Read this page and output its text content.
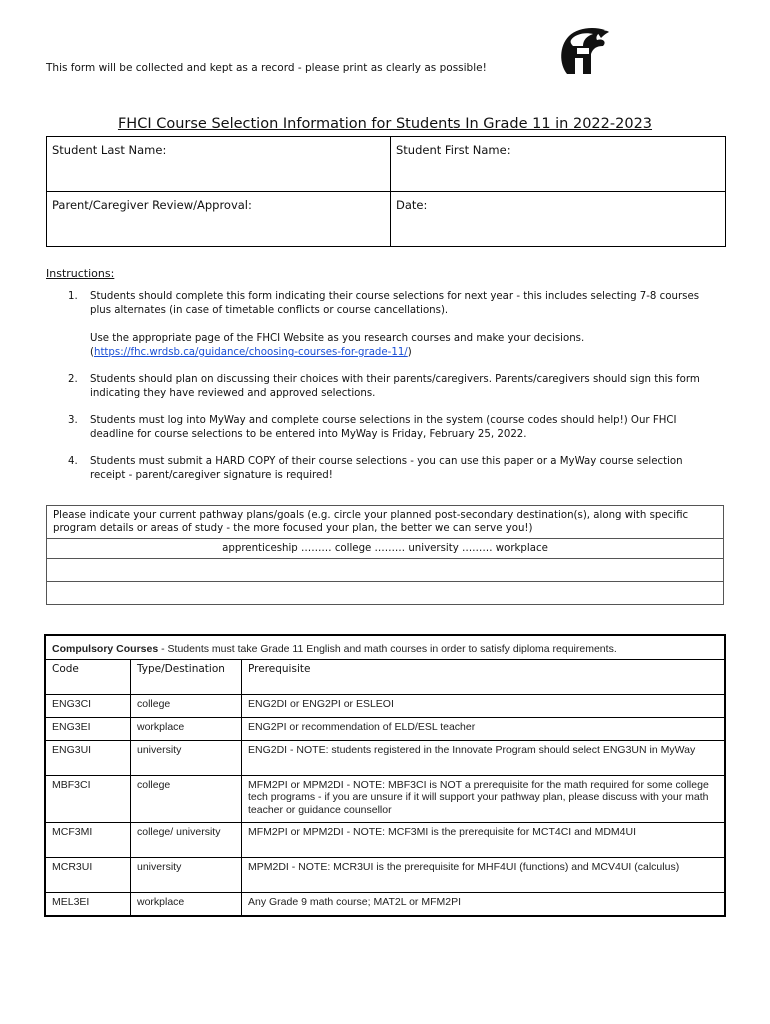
This form will be collected and kept as a record - please print as clearly as possible!
FHCI Course Selection Information for Students In Grade 11 in 2022-2023
Student Last Name:	Student First Name:
Parent/Caregiver Review/Approval:	Date:
Instructions:
1. Students should complete this form indicating their course selections for next year - this includes selecting 7-8 courses plus alternates (in case of timetable conflicts or course cancellations).
Use the appropriate page of the FHCI Website as you research courses and make your decisions.
(https://fhc.wrdsb.ca/guidance/choosing-courses-for-grade-11/)
2. Students should plan on discussing their choices with their parents/caregivers. Parents/caregivers should sign this form indicating they have reviewed and approved selections.
3. Students must log into MyWay and complete course selections in the system (course codes should help!) Our FHCI deadline for course selections to be entered into MyWay is Friday, February 25, 2022.
4. Students must submit a HARD COPY of their course selections - you can use this paper or a MyWay course selection receipt - parent/caregiver signature is required!
Please indicate your current pathway plans/goals (e.g. circle your planned post-secondary destination(s), along with specific program details or areas of study - the more focused your plan, the better we can serve you!)
apprenticeship ……… college ……… university ……… workplace

Compulsory Courses - Students must take Grade 11 English and math courses in order to satisfy diploma requirements.		
Code	Type/Destination	Prerequisite
ENG3CI	college	ENG2DI or ENG2PI or ESLEOI
ENG3EI	workplace	ENG2PI or recommendation of ELD/ESL teacher
ENG3UI	university	ENG2DI - NOTE: students registered in the Innovate Program should select ENG3UN in MyWay
MBF3CI	college	MFM2PI or MPM2DI - NOTE: MBF3CI is NOT a prerequisite for the math required for some college tech programs - if you are unsure if it will support your pathway plan, please discuss with your math teacher or guidance counsellor
MCF3MI	college/ university	MFM2PI or MPM2DI - NOTE: MCF3MI is the prerequisite for MCT4CI and MDM4UI
MCR3UI	university	MPM2DI - NOTE: MCR3UI is the prerequisite for MHF4UI (functions) and MCV4UI (calculus)
MEL3EI	workplace	Any Grade 9 math course; MAT2L or MFM2PI
